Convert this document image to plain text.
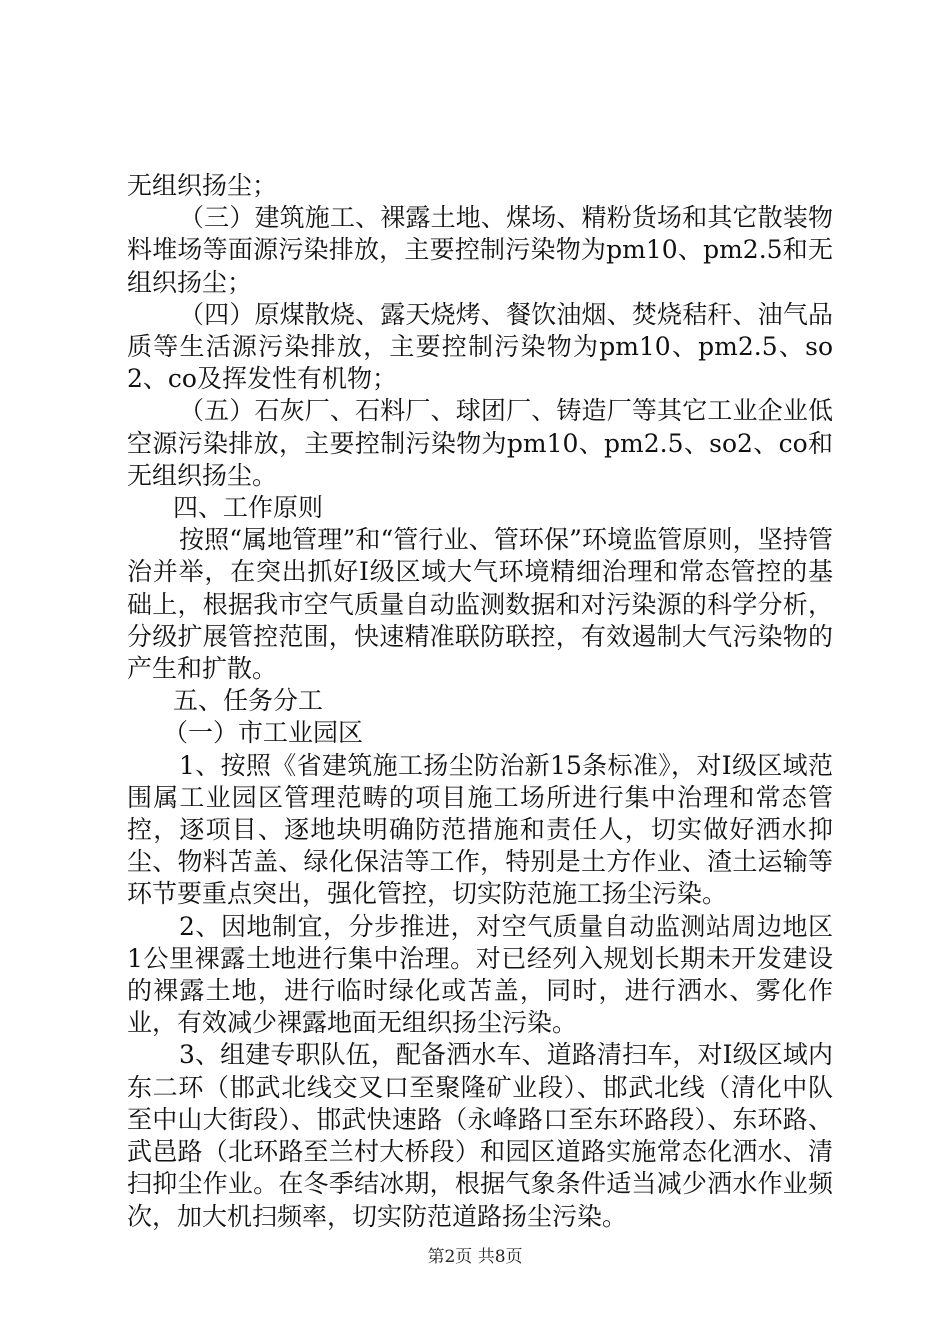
无组织扬尘；

（三）建筑施工、裸露土地、煤场、精粉货场和其它散装物料堆场等面源污染排放，主要控制污染物为pm10、pm2.5和无组织扬尘；

（四）原煤散烧、露天烧烤、餐饮油烟、焚烧秸秆、油气品质等生活源污染排放，主要控制污染物为pm10、pm2.5、so2、co及挥发性有机物；

（五）石灰厂、石料厂、球团厂、铸造厂等其它工业企业低空源污染排放，主要控制污染物为pm10、pm2.5、so2、co和无组织扬尘。

四、工作原则

按照“属地管理”和“管行业、管环保”环境监管原则，坚持管治并举，在突出抓好Ⅰ级区域大气环境精细治理和常态管控的基础上，根据我市空气质量自动监测数据和对污染源的科学分析，分级扩展管控范围，快速精准联防联控，有效遏制大气污染物的产生和扩散。

五、任务分工

（一）市工业园区

1、按照《省建筑施工扬尘防治新15条标准》，对Ⅰ级区域范围属工业园区管理范畴的项目施工场所进行集中治理和常态管控，逐项目、逐地块明确防范措施和责任人，切实做好洒水抑尘、物料苫盖、绿化保洁等工作，特别是土方作业、渣土运输等环节要重点突出，强化管控，切实防范施工扬尘污染。

2、因地制宜，分步推进，对空气质量自动监测站周边地区1公里裸露土地进行集中治理。对已经列入规划长期未开发建设的裸露土地，进行临时绿化或苫盖，同时，进行洒水、雾化作业，有效减少裸露地面无组织扬尘污染。

3、组建专职队伍，配备洒水车、道路清扫车，对Ⅰ级区域内东二环（邯武北线交叉口至聚隆矿业段）、邯武北线（清化中队至中山大街段）、邯武快速路（永峰路口至东环路段）、东环路、武邑路（北环路至兰村大桥段）和园区道路实施常态化洒水、清扫抑尘作业。在冬季结冰期，根据气象条件适当减少洒水作业频次，加大机扫频率，切实防范道路扬尘污染。

第2页 共8页
